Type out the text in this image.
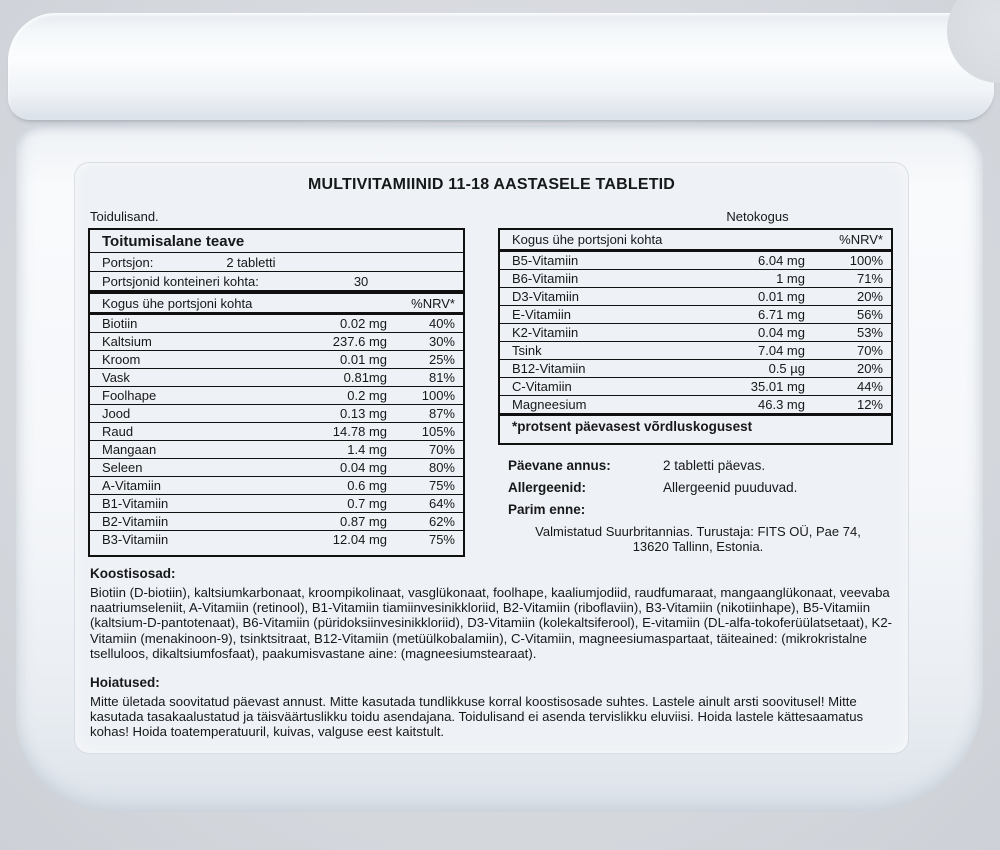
MULTIVITAMIINID 11-18 AASTASELE TABLETID
Toidulisand.	Netokogus
Toitumisalane teave
Portsjon:	2 tabletti
Portsjonid konteineri kohta:	30
Kogus ühe portsjoni kohta	%NRV*
Biotiin	0.02 mg	40%
Kaltsium	237.6 mg	30%
Kroom	0.01 mg	25%
Vask	0.81mg	81%
Foolhape	0.2 mg	100%
Jood	0.13 mg	87%
Raud	14.78 mg	105%
Mangaan	1.4 mg	70%
Seleen	0.04 mg	80%
A-Vitamiin	0.6 mg	75%
B1-Vitamiin	0.7 mg	64%
B2-Vitamiin	0.87 mg	62%
B3-Vitamiin	12.04 mg	75%
Kogus ühe portsjoni kohta	%NRV*
B5-Vitamiin	6.04 mg	100%
B6-Vitamiin	1 mg	71%
D3-Vitamiin	0.01 mg	20%
E-Vitamiin	6.71 mg	56%
K2-Vitamiin	0.04 mg	53%
Tsink	7.04 mg	70%
B12-Vitamiin	0.5 µg	20%
C-Vitamiin	35.01 mg	44%
Magneesium	46.3 mg	12%
*protsent päevasest võrdluskogusest
Päevane annus:	2 tabletti päevas.
Allergeenid:	Allergeenid puuduvad.
Parim enne:
Valmistatud Suurbritannias. Turustaja: FITS OÜ, Pae 74,
13620 Tallinn, Estonia.
Koostisosad:
Biotiin (D-biotiin), kaltsiumkarbonaat, kroompikolinaat, vasglükonaat, foolhape, kaaliumjodiid, raudfumaraat, mangaanglükonaat, veevaba naatriumseleniit, A-Vitamiin (retinool), B1-Vitamiin tiamiinvesinikkloriid, B2-Vitamiin (riboflaviin), B3-Vitamiin (nikotiinhape), B5-Vitamiin (kaltsium-D-pantotenaat), B6-Vitamiin (püridoksiinvesinikkloriid), D3-Vitamiin (kolekaltsiferool), E-vitamiin (DL-alfa-tokoferüülatsetaat), K2-Vitamiin (menakinoon-9), tsinktsitraat, B12-Vitamiin (metüülkobalamiin), C-Vitamiin, magneesiumaspartaat, täiteained: (mikrokristalne tselluloos, dikaltsiumfosfaat), paakumisvastane aine: (magneesiumstearaat).
Hoiatused:
Mitte ületada soovitatud päevast annust. Mitte kasutada tundlikkuse korral koostisosade suhtes. Lastele ainult arsti soovitusel! Mitte kasutada tasakaalustatud ja täisväärtuslikku toidu asendajana. Toidulisand ei asenda tervislikku eluviisi. Hoida lastele kättesaamatus kohas! Hoida toatemperatuuril, kuivas, valguse eest kaitstult.
